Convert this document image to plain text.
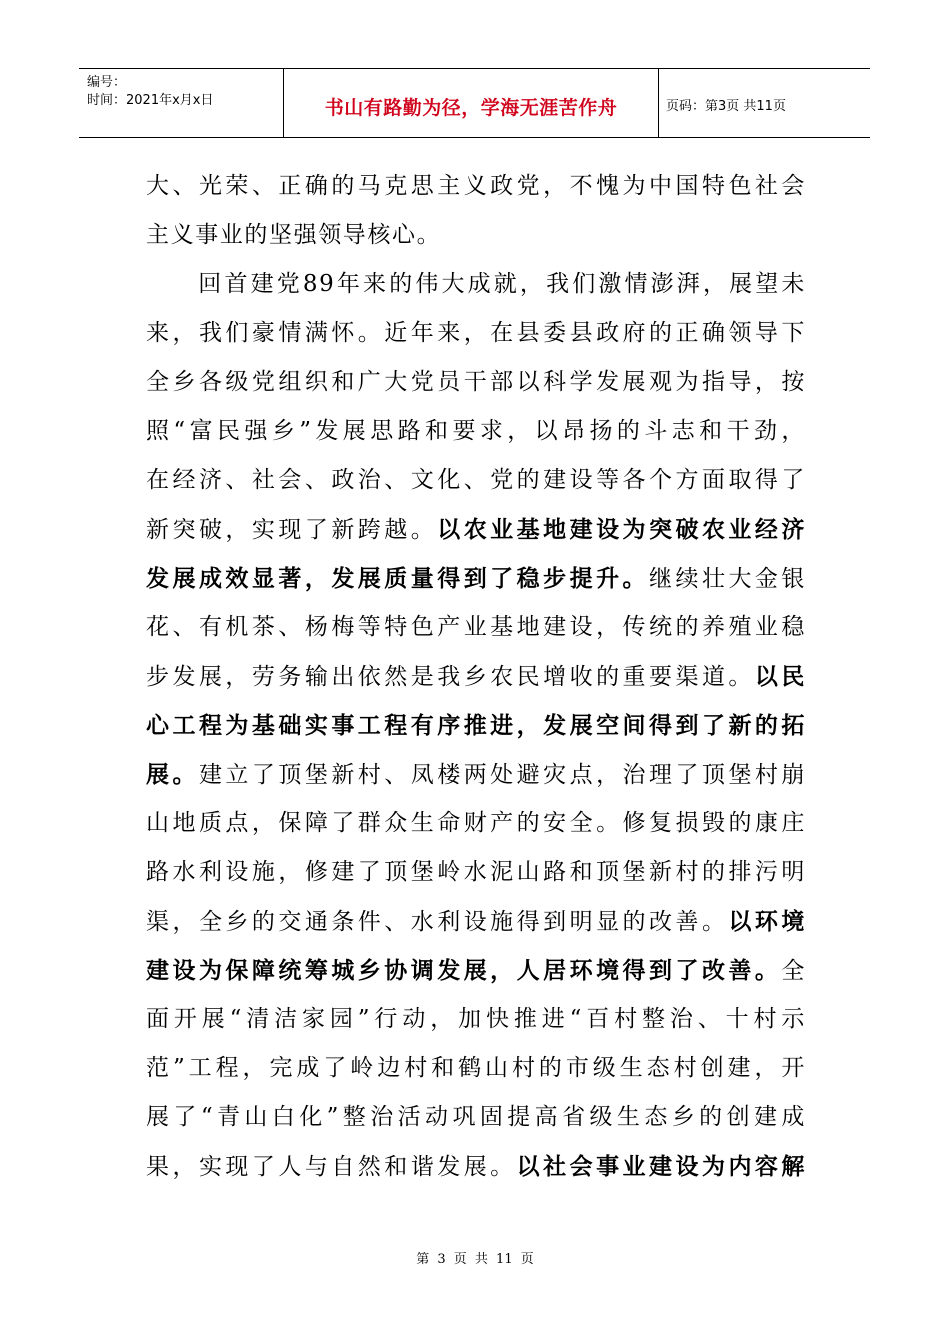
编号：
时间：2021年x月x日	书山有路勤为径，学海无涯苦作舟	页码：第3页 共11页
大、光荣、正确的马克思主义政党，不愧为中国特色社会
主义事业的坚强领导核心。
　　回首建党89年来的伟大成就，我们激情澎湃，展望未
来，我们豪情满怀。近年来，在县委县政府的正确领导下
全乡各级党组织和广大党员干部以科学发展观为指导，按
照“富民强乡”发展思路和要求，以昂扬的斗志和干劲，
在经济、社会、政治、文化、党的建设等各个方面取得了
新突破，实现了新跨越。以农业基地建设为突破农业经济
发展成效显著，发展质量得到了稳步提升。继续壮大金银
花、有机茶、杨梅等特色产业基地建设，传统的养殖业稳
步发展，劳务输出依然是我乡农民增收的重要渠道。以民
心工程为基础实事工程有序推进，发展空间得到了新的拓
展。建立了顶堡新村、凤楼两处避灾点，治理了顶堡村崩
山地质点，保障了群众生命财产的安全。修复损毁的康庄
路水利设施，修建了顶堡岭水泥山路和顶堡新村的排污明
渠，全乡的交通条件、水利设施得到明显的改善。以环境
建设为保障统筹城乡协调发展，人居环境得到了改善。全
面开展“清洁家园”行动，加快推进“百村整治、十村示
范”工程，完成了岭边村和鹤山村的市级生态村创建，开
展了“青山白化”整治活动巩固提高省级生态乡的创建成
果，实现了人与自然和谐发展。以社会事业建设为内容解
第 3 页 共 11 页
